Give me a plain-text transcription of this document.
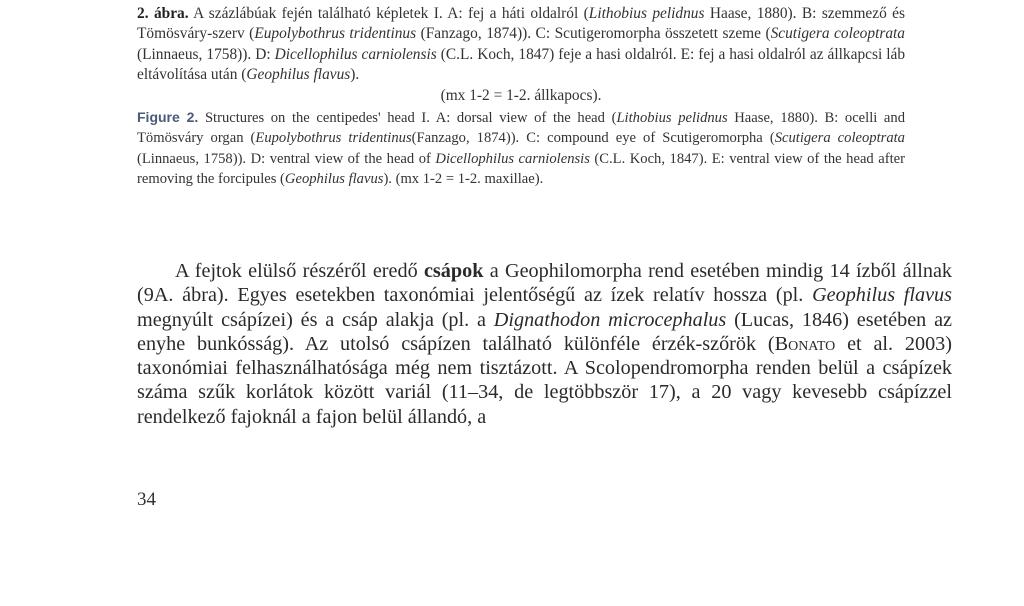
2. ábra. A százlábúak fején található képletek I. A: fej a háti oldalról (Lithobius pelidnus Haase, 1880). B: szemmező és Tömösváry-szerv (Eupolybothrus tridentinus (Fanzago, 1874)). C: Scutigeromorpha összetett szeme (Scutigera coleoptrata (Linnaeus, 1758)). D: Dicellophilus carniolensis (C.L. Koch, 1847) feje a hasi oldalról. E: fej a hasi oldalról az állkapcsi láb eltávolítása után (Geophilus flavus).
(mx 1-2 = 1-2. állkapocs).

Figure 2. Structures on the centipedes' head I. A: dorsal view of the head (Lithobius pelidnus Haase, 1880). B: ocelli and Tömösváry organ (Eupolybothrus tridentinus(Fanzago, 1874)). C: compound eye of Scutigeromorpha (Scutigera coleoptrata (Linnaeus, 1758)). D: ventral view of the head of Dicellophilus carniolensis (C.L. Koch, 1847). E: ventral view of the head after removing the forcipules (Geophilus flavus). (mx 1-2 = 1-2. maxillae).

A fejtok elülső részéről eredő csápok a Geophilomorpha rend esetében mindig 14 ízből állnak (9A. ábra). Egyes esetekben taxonómiai jelentőségű az ízek relatív hossza (pl. Geophilus flavus megnyúlt csápízei) és a csáp alakja (pl. a Dignathodon microcephalus (Lucas, 1846) esetében az enyhe bunkósság). Az utolsó csápízen található különféle érzék-szőrök (Bonato et al. 2003) taxonómiai felhasználhatósága még nem tisztázott. A Scolopendromorpha renden belül a csápízek száma szűk korlátok között variál (11–34, de legtöbbször 17), a 20 vagy kevesebb csápízzel rendelkező fajoknál a fajon belül állandó, a

34
